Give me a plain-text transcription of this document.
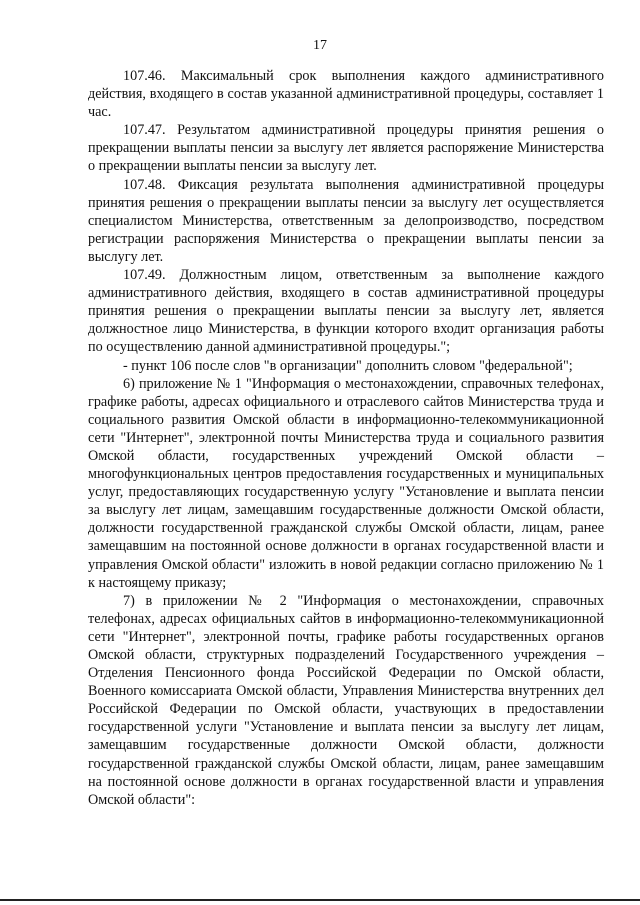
17

107.46. Максимальный срок выполнения каждого административного действия, входящего в состав указанной административной процедуры, составляет 1 час.

107.47. Результатом административной процедуры принятия решения о прекращении выплаты пенсии за выслугу лет является распоряжение Министерства о прекращении выплаты пенсии за выслугу лет.

107.48. Фиксация результата выполнения административной процедуры принятия решения о прекращении выплаты пенсии за выслугу лет осуществляется специалистом Министерства, ответственным за делопроизводство, посредством регистрации распоряжения Министерства о прекращении выплаты пенсии за выслугу лет.

107.49. Должностным лицом, ответственным за выполнение каждого административного действия, входящего в состав административной процедуры принятия решения о прекращении выплаты пенсии за выслугу лет, является должностное лицо Министерства, в функции которого входит организация работы по осуществлению данной административной процедуры.";

- пункт 106 после слов "в организации" дополнить словом "федеральной";

6) приложение № 1 "Информация о местонахождении, справочных телефонах, графике работы, адресах официального и отраслевого сайтов Министерства труда и социального развития Омской области в информационно-телекоммуникационной сети "Интернет", электронной почты Министерства труда и социального развития Омской области, государственных учреждений Омской области – многофункциональных центров предоставления государственных и муниципальных услуг, предоставляющих государственную услугу "Установление и выплата пенсии за выслугу лет лицам, замещавшим государственные должности Омской области, должности государственной гражданской службы Омской области, лицам, ранее замещавшим на постоянной основе должности в органах государственной власти и управления Омской области" изложить в новой редакции согласно приложению № 1 к настоящему приказу;

7) в приложении № 2 "Информация о местонахождении, справочных телефонах, адресах официальных сайтов в информационно-телекоммуникационной сети "Интернет", электронной почты, графике работы государственных органов Омской области, структурных подразделений Государственного учреждения – Отделения Пенсионного фонда Российской Федерации по Омской области, Военного комиссариата Омской области, Управления Министерства внутренних дел Российской Федерации по Омской области, участвующих в предоставлении государственной услуги "Установление и выплата пенсии за выслугу лет лицам, замещавшим государственные должности Омской области, должности государственной гражданской службы Омской области, лицам, ранее замещавшим на постоянной основе должности в органах государственной власти и управления Омской области":
